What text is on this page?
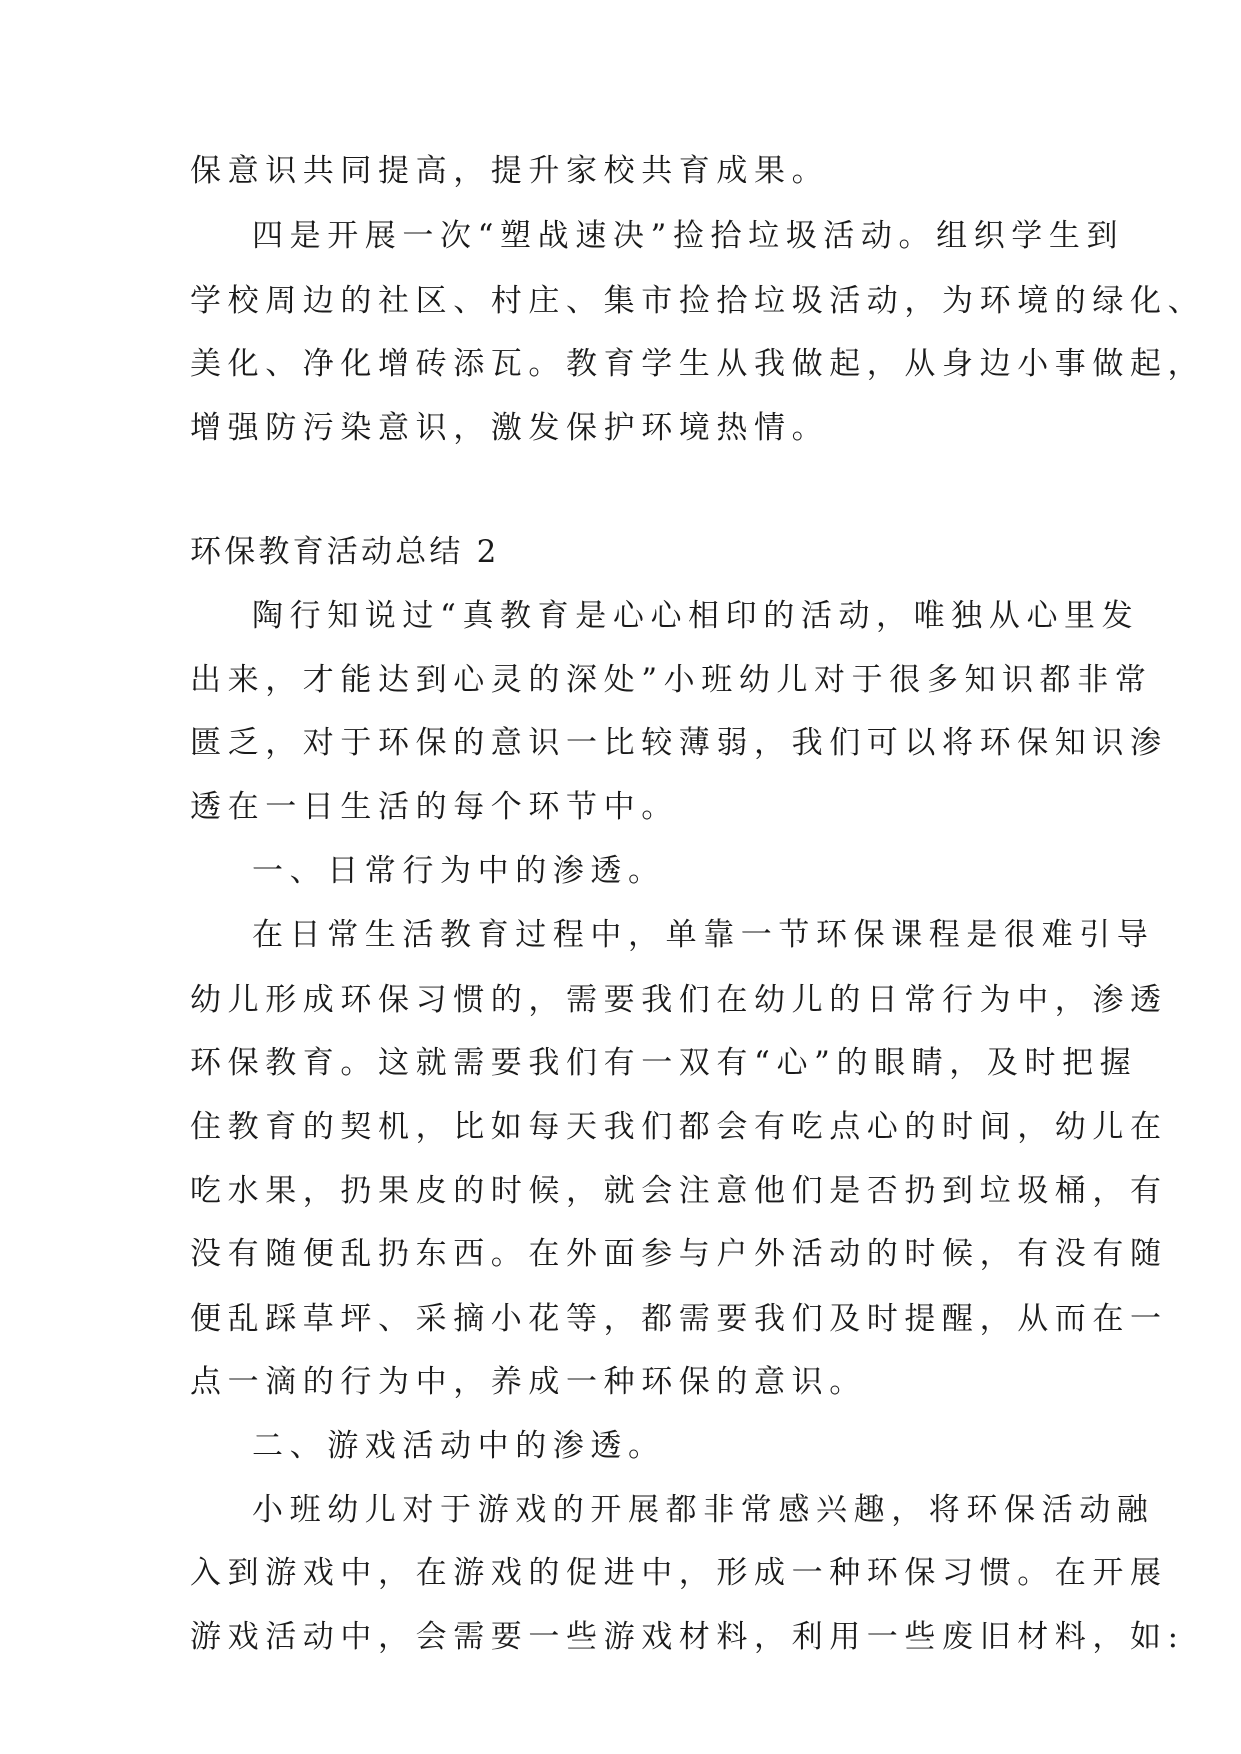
保意识共同提高，提升家校共育成果。
四是开展一次“塑战速决”捡拾垃圾活动。组织学生到
学校周边的社区、村庄、集市捡拾垃圾活动，为环境的绿化、
美化、净化增砖添瓦。教育学生从我做起，从身边小事做起，
增强防污染意识，激发保护环境热情。
环保教育活动总结 2
陶行知说过“真教育是心心相印的活动，唯独从心里发
出来，才能达到心灵的深处”小班幼儿对于很多知识都非常
匮乏，对于环保的意识一比较薄弱，我们可以将环保知识渗
透在一日生活的每个环节中。
一、日常行为中的渗透。
在日常生活教育过程中，单靠一节环保课程是很难引导
幼儿形成环保习惯的，需要我们在幼儿的日常行为中，渗透
环保教育。这就需要我们有一双有“心”的眼睛，及时把握
住教育的契机，比如每天我们都会有吃点心的时间，幼儿在
吃水果，扔果皮的时候，就会注意他们是否扔到垃圾桶，有
没有随便乱扔东西。在外面参与户外活动的时候，有没有随
便乱踩草坪、采摘小花等，都需要我们及时提醒，从而在一
点一滴的行为中，养成一种环保的意识。
二、游戏活动中的渗透。
小班幼儿对于游戏的开展都非常感兴趣，将环保活动融
入到游戏中，在游戏的促进中，形成一种环保习惯。在开展
游戏活动中，会需要一些游戏材料，利用一些废旧材料，如:
